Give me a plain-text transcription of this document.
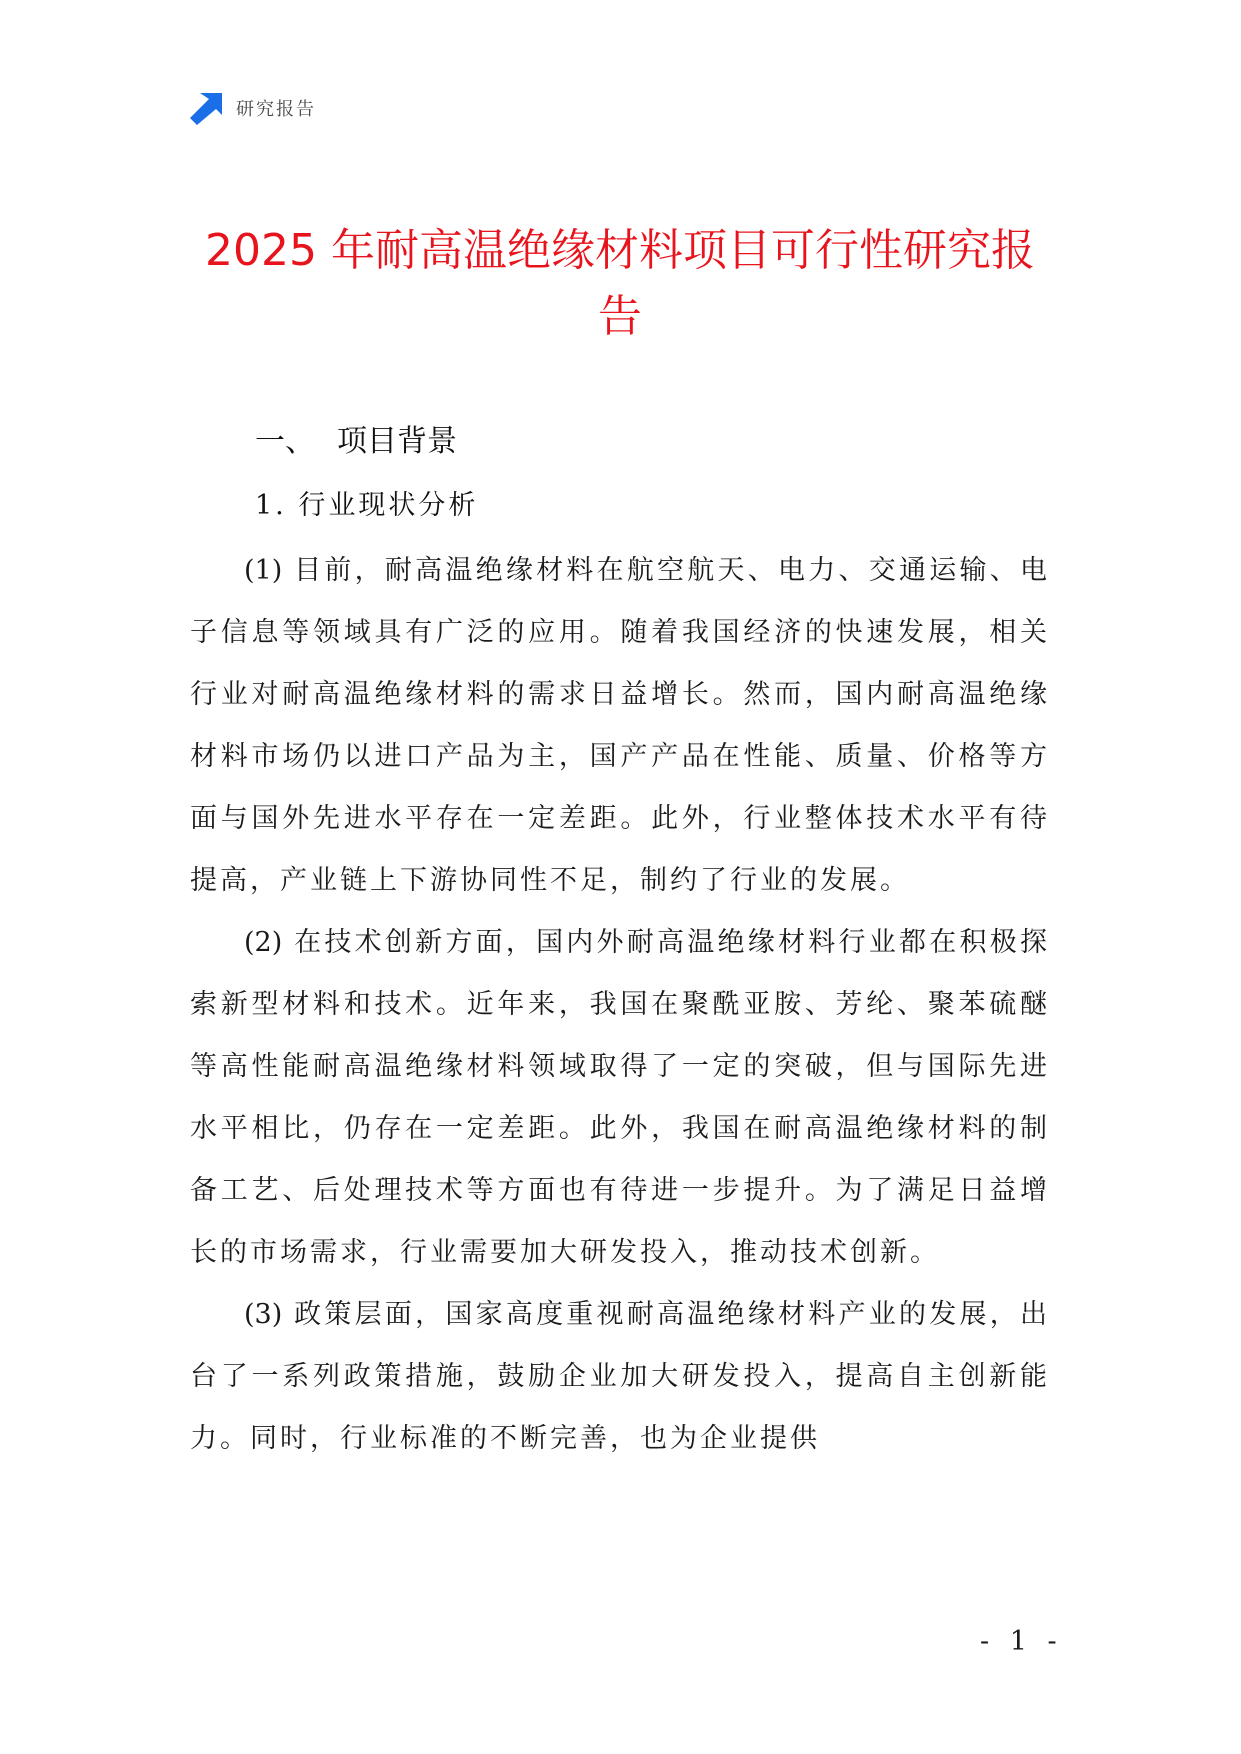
研究报告
2025 年耐高温绝缘材料项目可行性研究报
告
一、 项目背景
1. 行业现状分析

(1) 目前，耐高温绝缘材料在航空航天、电力、交通运输、电子信息等领域具有广泛的应用。随着我国经济的快速发展，相关行业对耐高温绝缘材料的需求日益增长。然而，国内耐高温绝缘材料市场仍以进口产品为主，国产产品在性能、质量、价格等方面与国外先进水平存在一定差距。此外，行业整体技术水平有待提高，产业链上下游协同性不足，制约了行业的发展。

(2) 在技术创新方面，国内外耐高温绝缘材料行业都在积极探索新型材料和技术。近年来，我国在聚酰亚胺、芳纶、聚苯硫醚等高性能耐高温绝缘材料领域取得了一定的突破，但与国际先进水平相比，仍存在一定差距。此外，我国在耐高温绝缘材料的制备工艺、后处理技术等方面也有待进一步提升。为了满足日益增长的市场需求，行业需要加大研发投入，推动技术创新。

(3) 政策层面，国家高度重视耐高温绝缘材料产业的发展，出台了一系列政策措施，鼓励企业加大研发投入，提高自主创新能力。同时，行业标准的不断完善，也为企业提供

- 1 -
